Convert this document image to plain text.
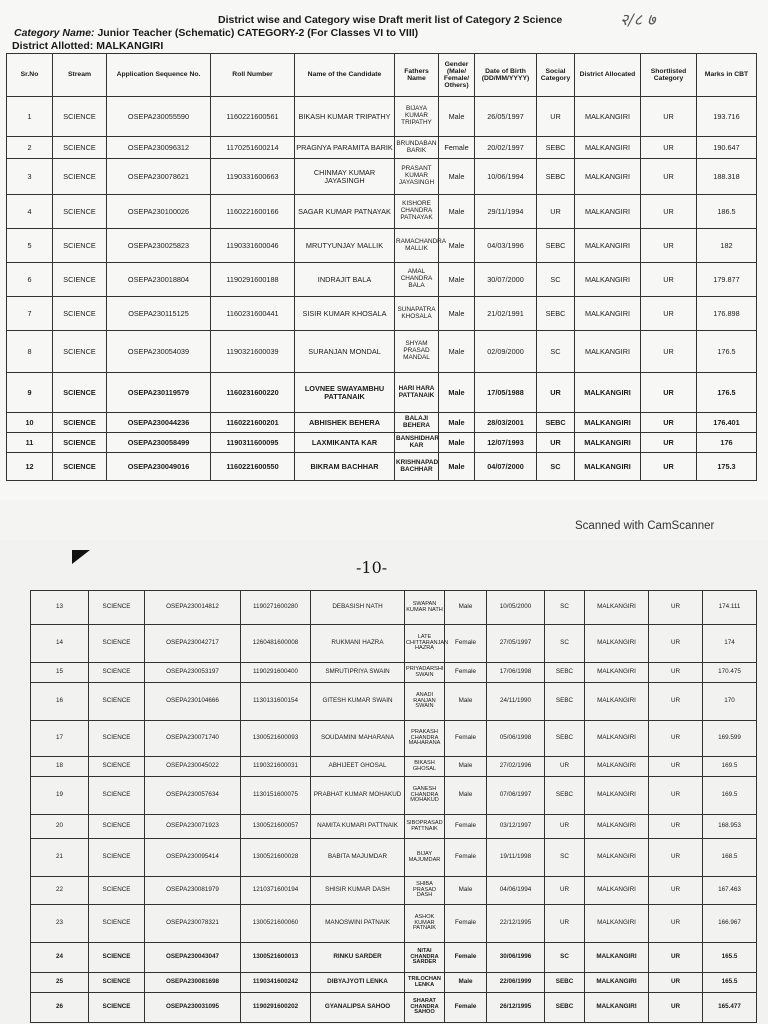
२/८ ७
District wise and Category wise Draft merit list of Category 2 Science
Category Name: Junior Teacher (Schematic) CATEGORY-2 (For Classes VI to VIII)
District Allotted: MALKANGIRI
Sr.No	Stream	Application Sequence No.	Roll Number	Name of the Candidate	Fathers Name	Gender (Male/ Female/ Others)	Date of Birth (DD/MM/YYYY)	Social Category	District Allocated	Shortlisted Category	Marks in CBT
1	SCIENCE	OSEPA230055590	1160221600561	BIKASH KUMAR TRIPATHY	BIJAYA KUMAR TRIPATHY	Male	26/05/1997	UR	MALKANGIRI	UR	193.716
2	SCIENCE	OSEPA230096312	1170251600214	PRAGNYA PARAMITA BARIK	BRUNDABAN BARIK	Female	20/02/1997	SEBC	MALKANGIRI	UR	190.647
3	SCIENCE	OSEPA230078621	1190331600663	CHINMAY KUMAR JAYASINGH	PRASANT KUMAR JAYASINGH	Male	10/06/1994	SEBC	MALKANGIRI	UR	188.318
4	SCIENCE	OSEPA230100026	1160221600166	SAGAR KUMAR PATNAYAK	KISHORE CHANDRA PATNAYAK	Male	29/11/1994	UR	MALKANGIRI	UR	186.5
5	SCIENCE	OSEPA230025823	1190331600046	MRUTYUNJAY MALLIK	RAMACHANDRA MALLIK	Male	04/03/1996	SEBC	MALKANGIRI	UR	182
6	SCIENCE	OSEPA230018804	1190291600188	INDRAJIT BALA	AMAL CHANDRA BALA	Male	30/07/2000	SC	MALKANGIRI	UR	179.877
7	SCIENCE	OSEPA230115125	1160231600441	SISIR KUMAR KHOSALA	SUNAPATRA KHOSALA	Male	21/02/1991	SEBC	MALKANGIRI	UR	176.898
8	SCIENCE	OSEPA230054039	1190321600039	SURANJAN MONDAL	SHYAM PRASAD MANDAL	Male	02/09/2000	SC	MALKANGIRI	UR	176.5
9	SCIENCE	OSEPA230119579	1160231600220	LOVNEE SWAYAMBHU PATTANAIK	HARI HARA PATTANAIK	Male	17/05/1988	UR	MALKANGIRI	UR	176.5
10	SCIENCE	OSEPA230044236	1160221600201	ABHISHEK BEHERA	BALAJI BEHERA	Male	28/03/2001	SEBC	MALKANGIRI	UR	176.401
11	SCIENCE	OSEPA230058499	1190311600095	LAXMIKANTA KAR	BANSHIDHAR KAR	Male	12/07/1993	UR	MALKANGIRI	UR	176
12	SCIENCE	OSEPA230049016	1160221600550	BIKRAM BACHHAR	KRISHNAPAD BACHHAR	Male	04/07/2000	SC	MALKANGIRI	UR	175.3
Scanned with CamScanner
-10-
13	SCIENCE	OSEPA230014812	1190271600280	DEBASISH NATH	SWAPAN KUMAR NATH	Male	10/05/2000	SC	MALKANGIRI	UR	174.111
14	SCIENCE	OSEPA230042717	1260481600008	RUKMANI HAZRA	LATE CHITTARANJAN HAZRA	Female	27/05/1997	SC	MALKANGIRI	UR	174
15	SCIENCE	OSEPA230053197	1190291600400	SMRUTIPRIYA SWAIN	PRIYADARSHI SWAIN	Female	17/06/1998	SEBC	MALKANGIRI	UR	170.475
16	SCIENCE	OSEPA230104666	1130131600154	GITESH KUMAR SWAIN	ANADI RANJAN SWAIN	Male	24/11/1990	SEBC	MALKANGIRI	UR	170
17	SCIENCE	OSEPA230071740	1300521600093	SOUDAMINI MAHARANA	PRAKASH CHANDRA MAHARANA	Female	05/06/1998	SEBC	MALKANGIRI	UR	169.599
18	SCIENCE	OSEPA230045022	1190321600031	ABHIJEET GHOSAL	BIKASH GHOSAL	Male	27/02/1996	UR	MALKANGIRI	UR	169.5
19	SCIENCE	OSEPA230057634	1130151600075	PRABHAT KUMAR MOHAKUD	GANESH CHANDRA MOHAKUD	Male	07/06/1997	SEBC	MALKANGIRI	UR	169.5
20	SCIENCE	OSEPA230071923	1300521600057	NAMITA KUMARI PATTNAIK	SIBOPRASAD PATTNAIK	Female	03/12/1997	UR	MALKANGIRI	UR	168.953
21	SCIENCE	OSEPA230095414	1300521600028	BABITA MAJUMDAR	BIJAY MAJUMDAR	Female	19/11/1998	SC	MALKANGIRI	UR	168.5
22	SCIENCE	OSEPA230081979	1210371600194	SHISIR KUMAR DASH	SHIBA PRASAD DASH	Male	04/06/1994	UR	MALKANGIRI	UR	167.463
23	SCIENCE	OSEPA230078321	1300521600060	MANOSWINI PATNAIK	ASHOK KUMAR PATNAIK	Female	22/12/1995	UR	MALKANGIRI	UR	166.967
24	SCIENCE	OSEPA230043047	1300521600013	RINKU SARDER	NITAI CHANDRA SARDER	Female	30/06/1996	SC	MALKANGIRI	UR	165.5
25	SCIENCE	OSEPA230081698	1190341600242	DIBYAJYOTI LENKA	TRILOCHAN LENKA	Male	22/06/1999	SEBC	MALKANGIRI	UR	165.5
26	SCIENCE	OSEPA230031095	1190291600202	GYANALIPSA SAHOO	SHARAT CHANDRA SAHOO	Female	26/12/1995	SEBC	MALKANGIRI	UR	165.477
